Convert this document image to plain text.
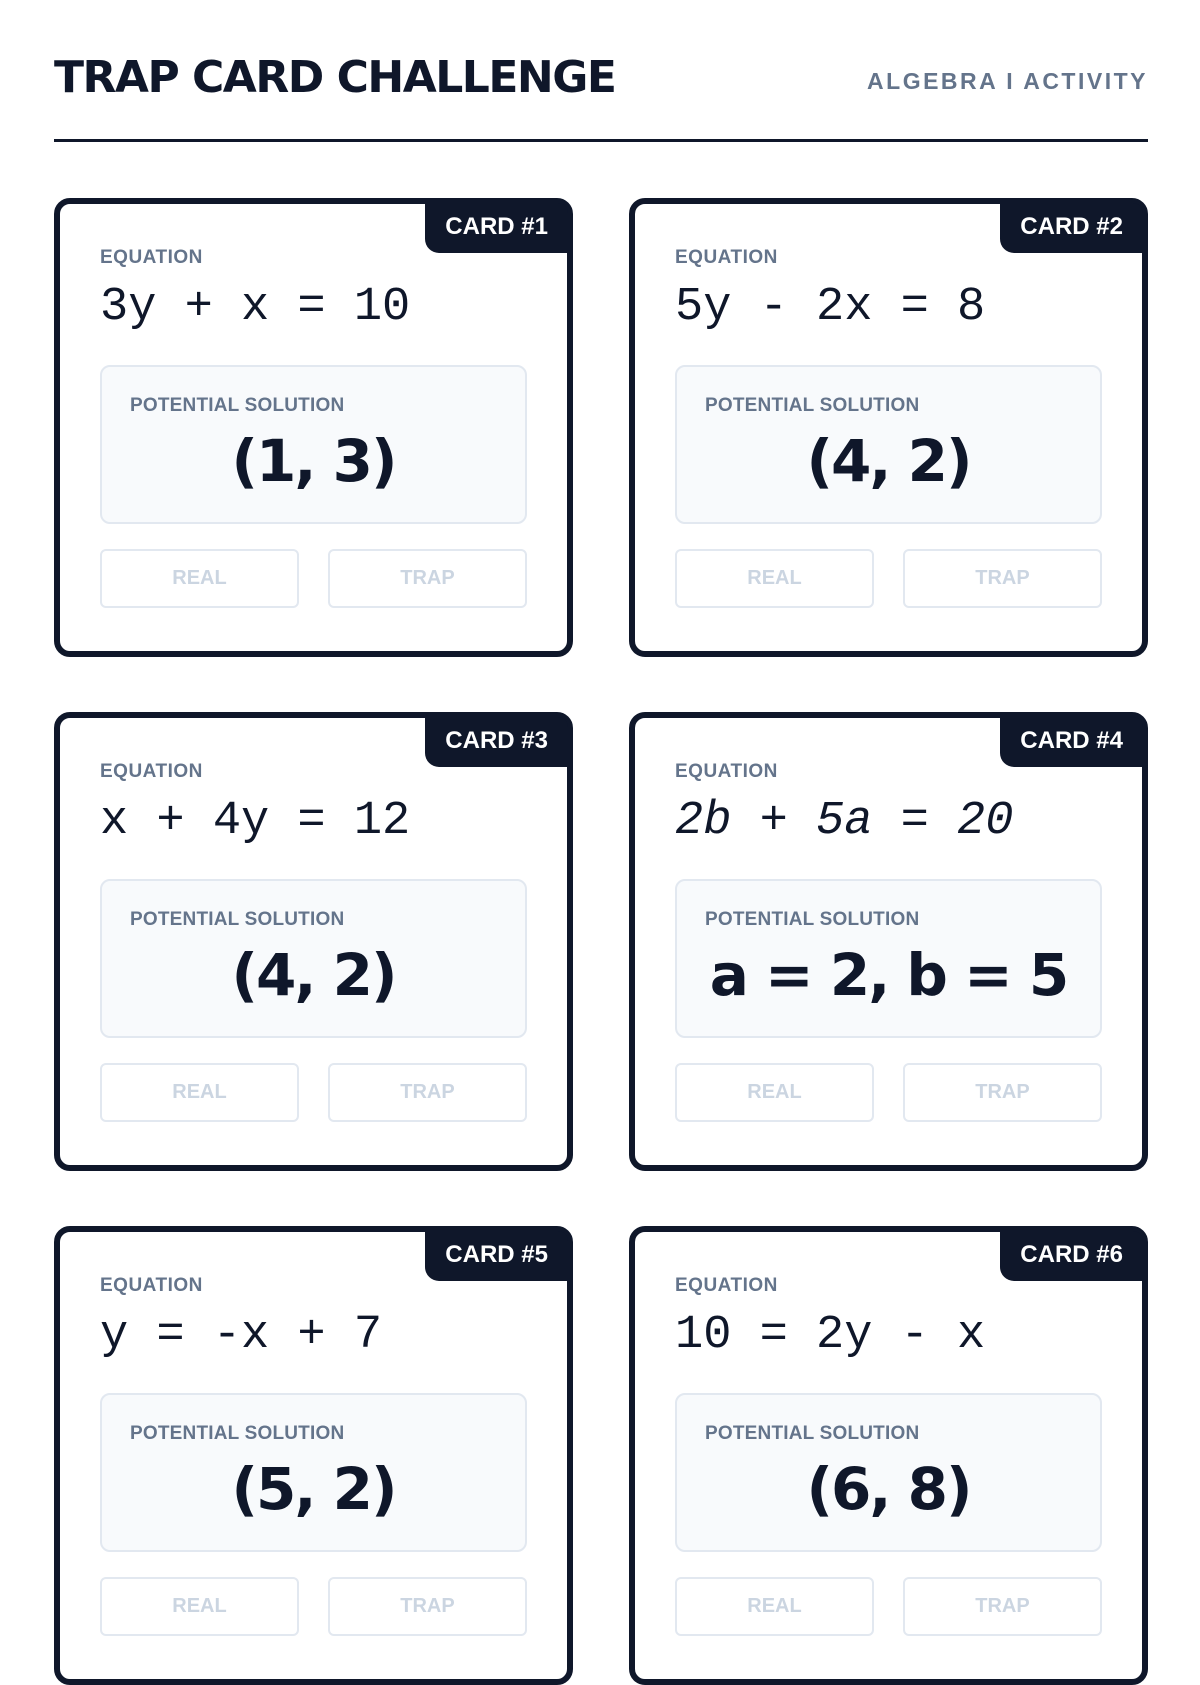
TRAP CARD CHALLENGE	ALGEBRA I ACTIVITY
CARD #1
EQUATION
3y + x = 10
POTENTIAL SOLUTION
(1, 3)
REAL	TRAP
CARD #2
EQUATION
5y - 2x = 8
POTENTIAL SOLUTION
(4, 2)
REAL	TRAP
CARD #3
EQUATION
x + 4y = 12
POTENTIAL SOLUTION
(4, 2)
REAL	TRAP
CARD #4
EQUATION
2b + 5a = 20
POTENTIAL SOLUTION
a = 2, b = 5
REAL	TRAP
CARD #5
EQUATION
y = -x + 7
POTENTIAL SOLUTION
(5, 2)
REAL	TRAP
CARD #6
EQUATION
10 = 2y - x
POTENTIAL SOLUTION
(6, 8)
REAL	TRAP
